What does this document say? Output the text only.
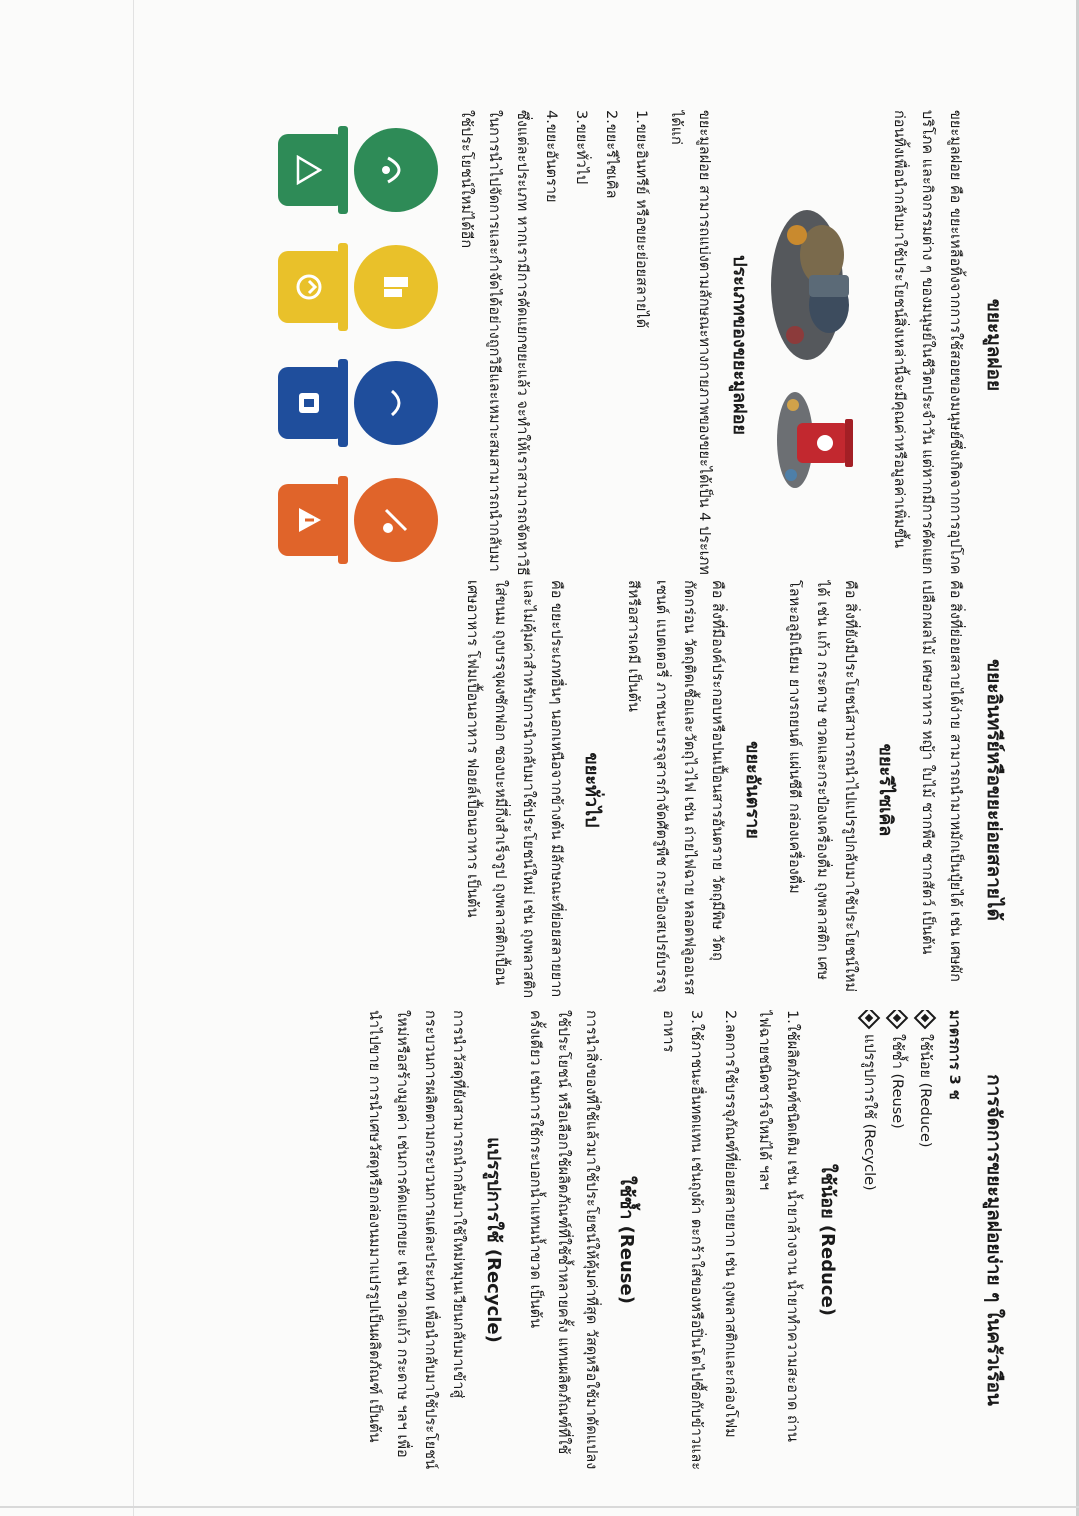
ขยะมูลฝอย

ขยะมูลฝอย คือ ขยะเหลือทิ้งจากการใช้สอยของมนุษย์ซึ่งเกิดจากการอุปโภค บริโภค และกิจกรรมต่าง ๆ ของมนุษย์ในชีวิตประจำวัน แต่หากมีการคัดแยกก่อนทิ้งเพื่อนำกลับมาใช้ประโยชน์สิ่งเหล่านี้จะมีคุณค่าหรือมูลค่าเพิ่มขึ้น

ประเภทของขยะมูลฝอย

ขยะมูลฝอย สามารถแบ่งตามลักษณะทางกายภาพของขยะได้เป็น 4 ประเภท ได้แก่

1.ขยะอินทรีย์ หรือขยะย่อยสลายได้
2.ขยะรีไซเคิล
3.ขยะทั่วไป
4.ขยะอันตราย

ซึ่งแต่ละประเภท หากเรามีการคัดแยกขยะแล้ว จะทำให้เราสามารถจัดหาวิธีในการนำไปจัดการและกำจัดได้อย่างถูกวิธีและเหมาะสมสามารถนำกลับมาใช้ประโยชน์ใหม่ได้อีก

ขยะอินทรีย์หรือขยะย่อยสลายได้

คือ สิ่งที่ย่อยสลายได้ง่าย สามารถนำมาหมักเป็นปุ๋ยได้ เช่น เศษผัก เปลือกผลไม้ เศษอาหาร หญ้า ใบไม้ ซากพืช ซากสัตว์ เป็นต้น

ขยะรีไซเคิล

คือ สิ่งที่ยังมีประโยชน์สามารถนำไปแปรรูปกลับมาใช้ประโยชน์ใหม่ได้ เช่น แก้ว กระดาษ ขวดและกระป๋องเครื่องดื่ม ถุงพลาสติก เศษโลหะอลูมิเนียม ยางรถยนต์ แผ่นซีดี กล่องเครื่องดื่ม

ขยะอันตราย

คือ สิ่งที่มีองค์ประกอบหรือปนเปื้อนสารอันตราย วัตถุมีพิษ วัตถุกัดกร่อน วัตถุติดเชื้อและวัตถุไวไฟ เช่น ถ่ายไฟฉาย หลอดฟลูออเรสเซนต์ แบตเตอรี่ ภาชนะบรรจุสารกำจัดศัตรูพืช กระป๋องสเปรย์บรรจุสีหรือสารเคมี เป็นต้น

ขยะทั่วไป

คือ ขยะประเภทอื่นๆ นอกเหนือจากข้างต้น มีลักษณะที่ย่อยสลายยากและไม่คุ้มค่าสำหรับการนำกลับมาใช้ประโยชน์ใหม่ เช่น ถุงพลาสติกใส่ขนม ถุงบรรจุผงซักฟอก ซองบะหมี่กึ่งสำเร็จรูป ถุงพลาสติกเปื้อนเศษอาหาร โฟมเปื้อนอาหาร ฟอยล์เปื้อนอาหาร เป็นต้น

การจัดการขยะมูลฝอยง่าย ๆ ในครัวเรือน
มาตรการ 3 ช
ใช้น้อย (Reduce)
ใช้ซ้ำ (Reuse)
แปรรูปการใช้ (Recycle)
ใช้น้อย (Reduce)

1.ใช้ผลิตภัณฑ์ชนิดเติม เช่น น้ำยาล้างจาน น้ำยาทำความสะอาด ถ่านไฟฉายชนิดชาร์จใหม่ได้ ฯลฯ

2.ลดการใช้บรรจุภัณฑ์ที่ย่อยสลายยาก เช่น ถุงพลาสติกและกล่องโฟม

3.ใช้ภาชนะอื่นทดแทน เช่นถุงผ้า ตะกร้าใส่ของหรือปิ่นโตไปซื้อกับข้าวและอาหาร

ใช้ซ้ำ (Reuse)

การนำสิ่งของที่ใช้แล้วมาใช้ประโยชน์ให้คุ้มค่าที่สุด วัสดุหรือใช้มาดัดแปลงใช้ประโยชน์ หรือเลือกใช้ผลิตภัณฑ์ที่ใช้ซ้ำหลายครั้ง แทนผลิตภัณฑ์ที่ใช้ครั้งเดียว เช่นการใช้กระบอกน้ำแทนน้ำขวด เป็นต้น

แปรรูปการใช้ (Recycle)

การนำวัสดุที่ยังสามารถนำกลับมาใช้ใหม่หมุนเวียนกลับมาเข้าสู่กระบวนการผลิตตามกระบวนการแต่ละประเภท เพื่อนำกลับมาใช้ประโยชน์ใหม่หรือสร้างมูลค่า เช่นการคัดแยกขยะ เช่น ขวดแก้ว กระดาษ ฯลฯ เพื่อนำไปขาย การนำเศษวัสดุหรือกล่องนมมาแปรรูปเป็นผลิตภัณฑ์ เป็นต้น
